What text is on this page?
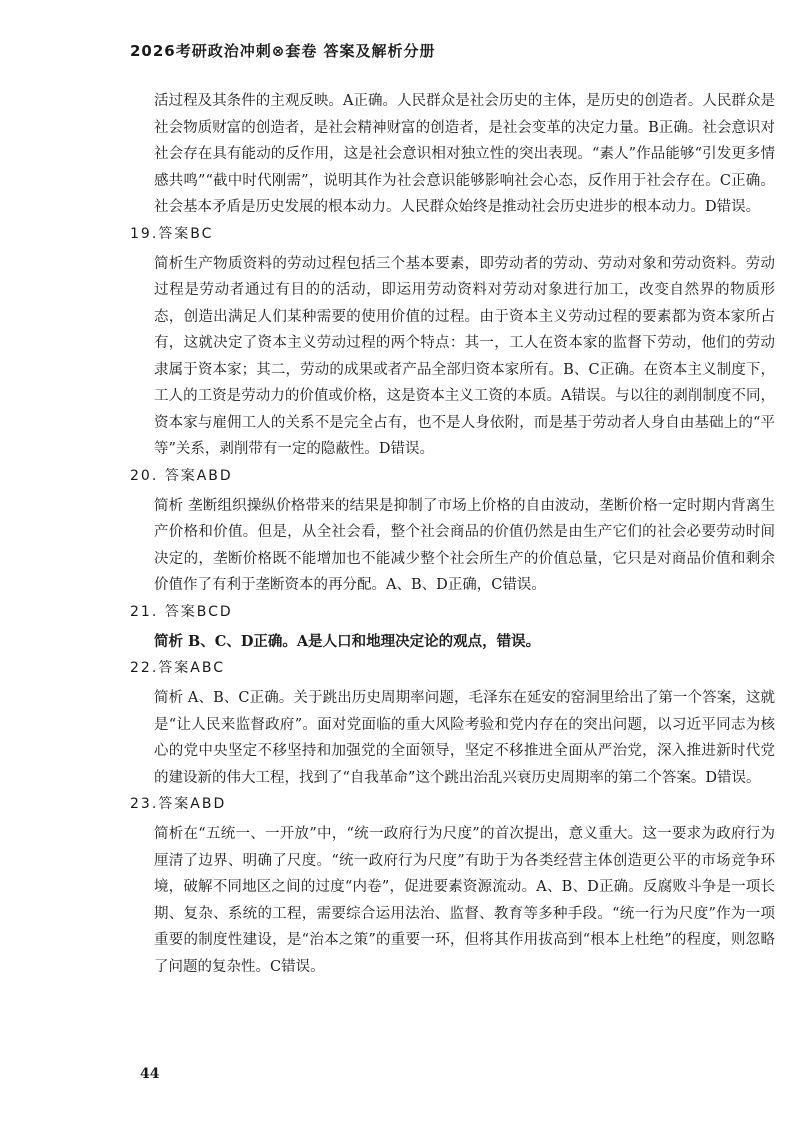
2026考研政治冲刺⊗套卷 答案及解析分册

活过程及其条件的主观反映。A正确。人民群众是社会历史的主体，是历史的创造者。人民群众是社会物质财富的创造者，是社会精神财富的创造者，是社会变革的决定力量。B正确。社会意识对社会存在具有能动的反作用，这是社会意识相对独立性的突出表现。“素人”作品能够“引发更多情感共鸣”“截中时代刚需”，说明其作为社会意识能够影响社会心态，反作用于社会存在。C正确。社会基本矛盾是历史发展的根本动力。人民群众始终是推动社会历史进步的根本动力。D错误。

19.答案BC

简析生产物质资料的劳动过程包括三个基本要素，即劳动者的劳动、劳动对象和劳动资料。劳动过程是劳动者通过有目的的活动，即运用劳动资料对劳动对象进行加工，改变自然界的物质形态，创造出满足人们某种需要的使用价值的过程。由于资本主义劳动过程的要素都为资本家所占有，这就决定了资本主义劳动过程的两个特点：其一，工人在资本家的监督下劳动，他们的劳动隶属于资本家；其二，劳动的成果或者产品全部归资本家所有。B、C正确。在资本主义制度下，工人的工资是劳动力的价值或价格，这是资本主义工资的本质。A错误。与以往的剥削制度不同，资本家与雇佣工人的关系不是完全占有，也不是人身依附，而是基于劳动者人身自由基础上的“平等”关系，剥削带有一定的隐蔽性。D错误。

20. 答案ABD

简析 垄断组织操纵价格带来的结果是抑制了市场上价格的自由波动，垄断价格一定时期内背离生产价格和价值。但是，从全社会看，整个社会商品的价值仍然是由生产它们的社会必要劳动时间决定的，垄断价格既不能增加也不能减少整个社会所生产的价值总量，它只是对商品价值和剩余价值作了有利于垄断资本的再分配。A、B、D正确，C错误。

21. 答案BCD

简析 B、C、D正确。A是人口和地理决定论的观点，错误。

22.答案ABC

简析 A、B、C正确。关于跳出历史周期率问题，毛泽东在延安的窑洞里给出了第一个答案，这就是“让人民来监督政府”。面对党面临的重大风险考验和党内存在的突出问题，以习近平同志为核心的党中央坚定不移坚持和加强党的全面领导，坚定不移推进全面从严治党，深入推进新时代党的建设新的伟大工程，找到了“自我革命”这个跳出治乱兴衰历史周期率的第二个答案。D错误。

23.答案ABD

简析在“五统一、一开放”中，“统一政府行为尺度”的首次提出，意义重大。这一要求为政府行为厘清了边界、明确了尺度。“统一政府行为尺度”有助于为各类经营主体创造更公平的市场竞争环境，破解不同地区之间的过度“内卷”，促进要素资源流动。A、B、D正确。反腐败斗争是一项长期、复杂、系统的工程，需要综合运用法治、监督、教育等多种手段。“统一行为尺度”作为一项重要的制度性建设，是“治本之策”的重要一环，但将其作用拔高到“根本上杜绝”的程度，则忽略了问题的复杂性。C错误。

44
